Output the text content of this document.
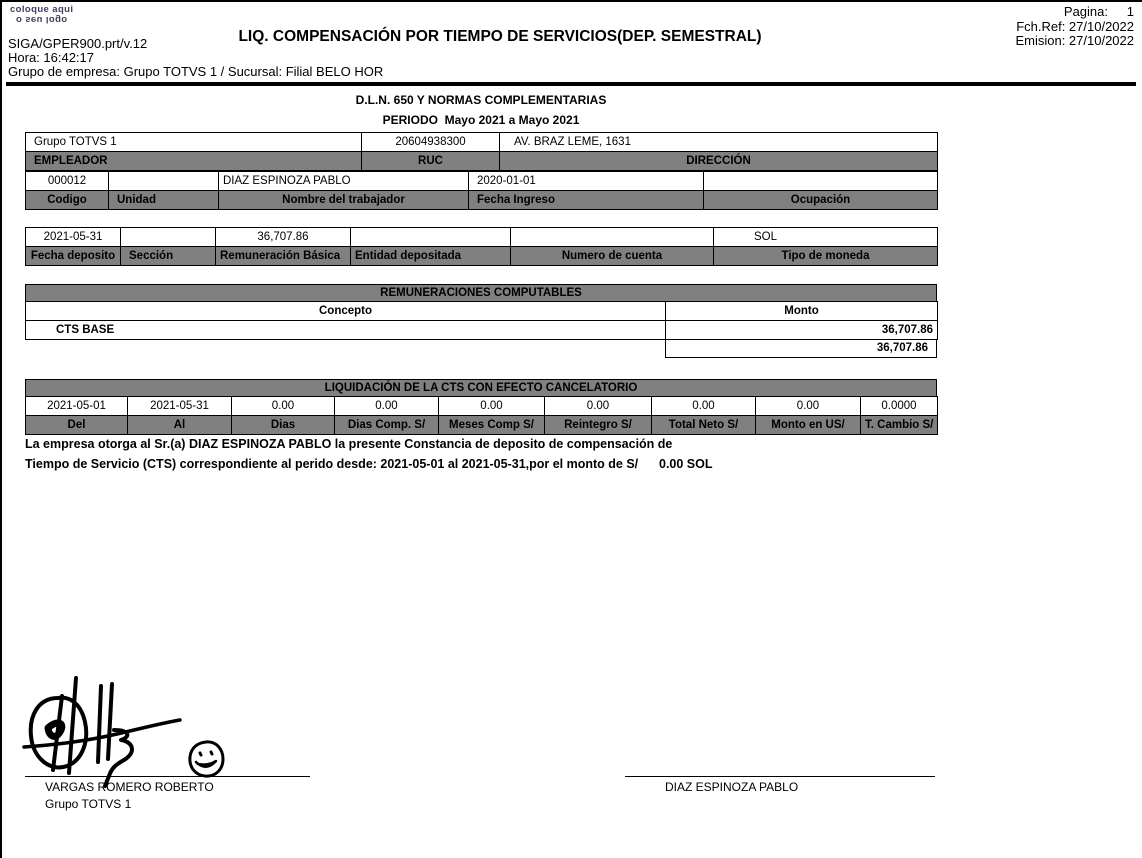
coloque aqui
o seu logo
SIGA/GPER900.prt/v.12
Hora: 16:42:17
Grupo de empresa: Grupo TOTVS 1 / Sucursal: Filial BELO HOR
LIQ. COMPENSACIÓN POR TIEMPO DE SERVICIOS(DEP. SEMESTRAL)
Pagina: 1
Fch.Ref: 27/10/2022
Emision: 27/10/2022
D.L.N. 650 Y NORMAS COMPLEMENTARIAS
PERIODO  Mayo 2021 a Mayo 2021
Grupo TOTVS 1	20604938300	AV. BRAZ LEME, 1631
EMPLEADOR	RUC	DIRECCIÓN
000012		DIAZ ESPINOZA PABLO	2020-01-01	
Codigo	Unidad	Nombre del trabajador	Fecha Ingreso	Ocupación
2021-05-31		36,707.86			SOL
Fecha deposito	Sección	Remuneración Básica	Entidad depositada	Numero de cuenta	Tipo de moneda
REMUNERACIONES COMPUTABLES
Concepto	Monto
CTS BASE	36,707.86
36,707.86
LIQUIDACIÓN DE LA CTS CON EFECTO CANCELATORIO
2021-05-01	2021-05-31	0.00	0.00	0.00	0.00	0.00	0.00	0.0000
Del	Al	Dias	Dias Comp. S/	Meses Comp S/	Reintegro S/	Total Neto S/	Monto en US/	T. Cambio S/
La empresa otorga al Sr.(a) DIAZ ESPINOZA PABLO la presente Constancia de deposito de compensación de
Tiempo de Servicio (CTS) correspondiente al perido desde: 2021-05-01 al 2021-05-31,por el monto de S/      0.00 SOL
VARGAS ROMERO ROBERTO
Grupo TOTVS 1
DIAZ ESPINOZA PABLO
